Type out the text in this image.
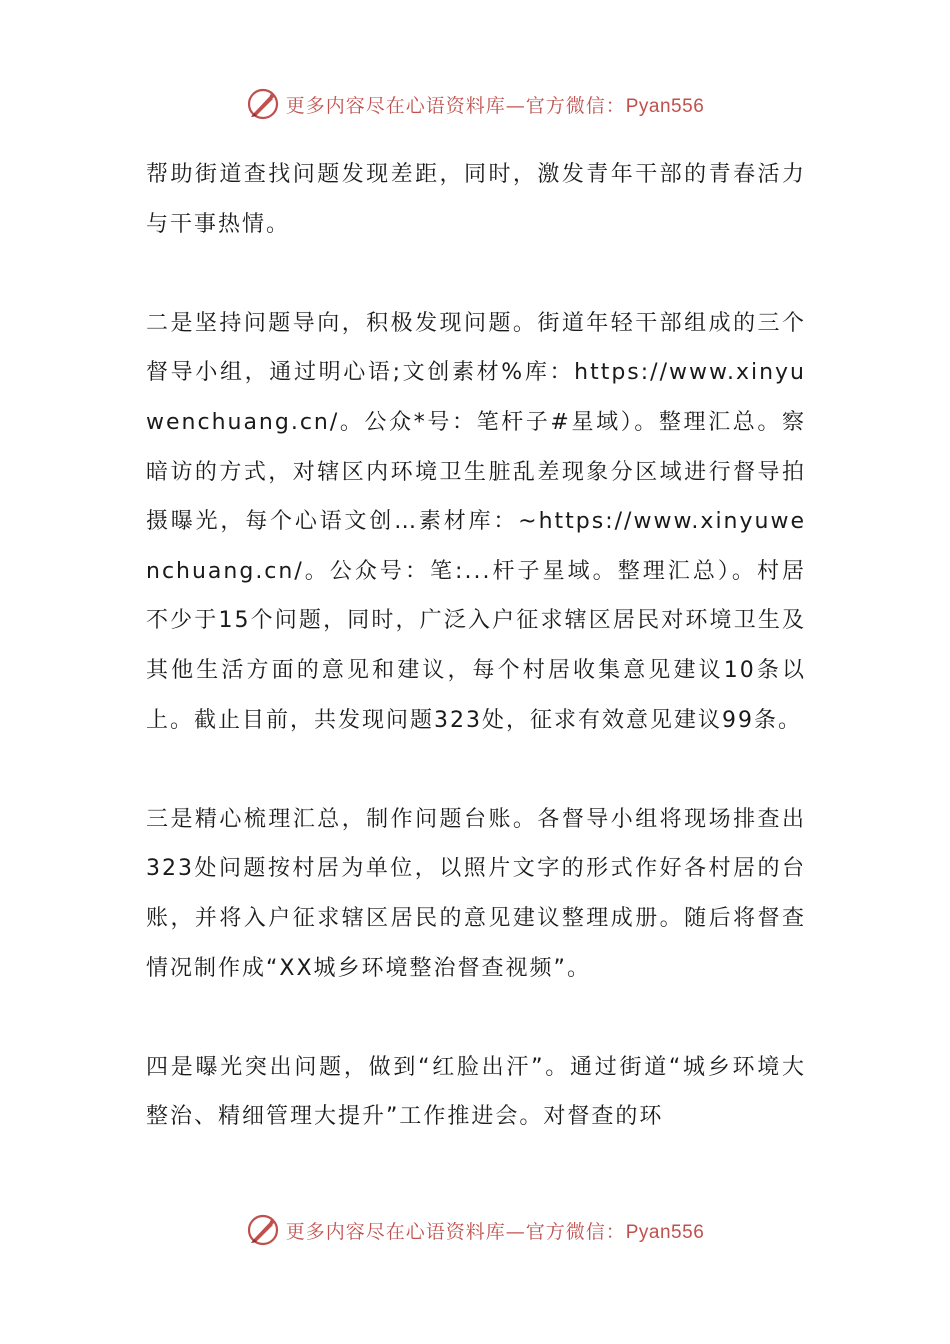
更多内容尽在心语资料库—官方微信：Pyan556

帮助街道查找问题发现差距，同时，激发青年干部的青春活力与干事热情。

二是坚持问题导向，积极发现问题。街道年轻干部组成的三个督导小组，通过明心语;文创素材%库：https://www.xinyuwenchuang.cn/。公众*号：笔杆子#星域）。整理汇总。察暗访的方式，对辖区内环境卫生脏乱差现象分区域进行督导拍摄曝光，每个心语文创…素材库：~https://www.xinyuwenchuang.cn/。公众号：笔:...杆子星域。整理汇总）。村居不少于15个问题，同时，广泛入户征求辖区居民对环境卫生及其他生活方面的意见和建议，每个村居收集意见建议10条以上。截止目前，共发现问题323处，征求有效意见建议99条。

三是精心梳理汇总，制作问题台账。各督导小组将现场排查出323处问题按村居为单位，以照片文字的形式作好各村居的台账，并将入户征求辖区居民的意见建议整理成册。随后将督查情况制作成“XX城乡环境整治督查视频”。

四是曝光突出问题，做到“红脸出汗”。通过街道“城乡环境大整治、精细管理大提升”工作推进会。对督查的环

更多内容尽在心语资料库—官方微信：Pyan556
